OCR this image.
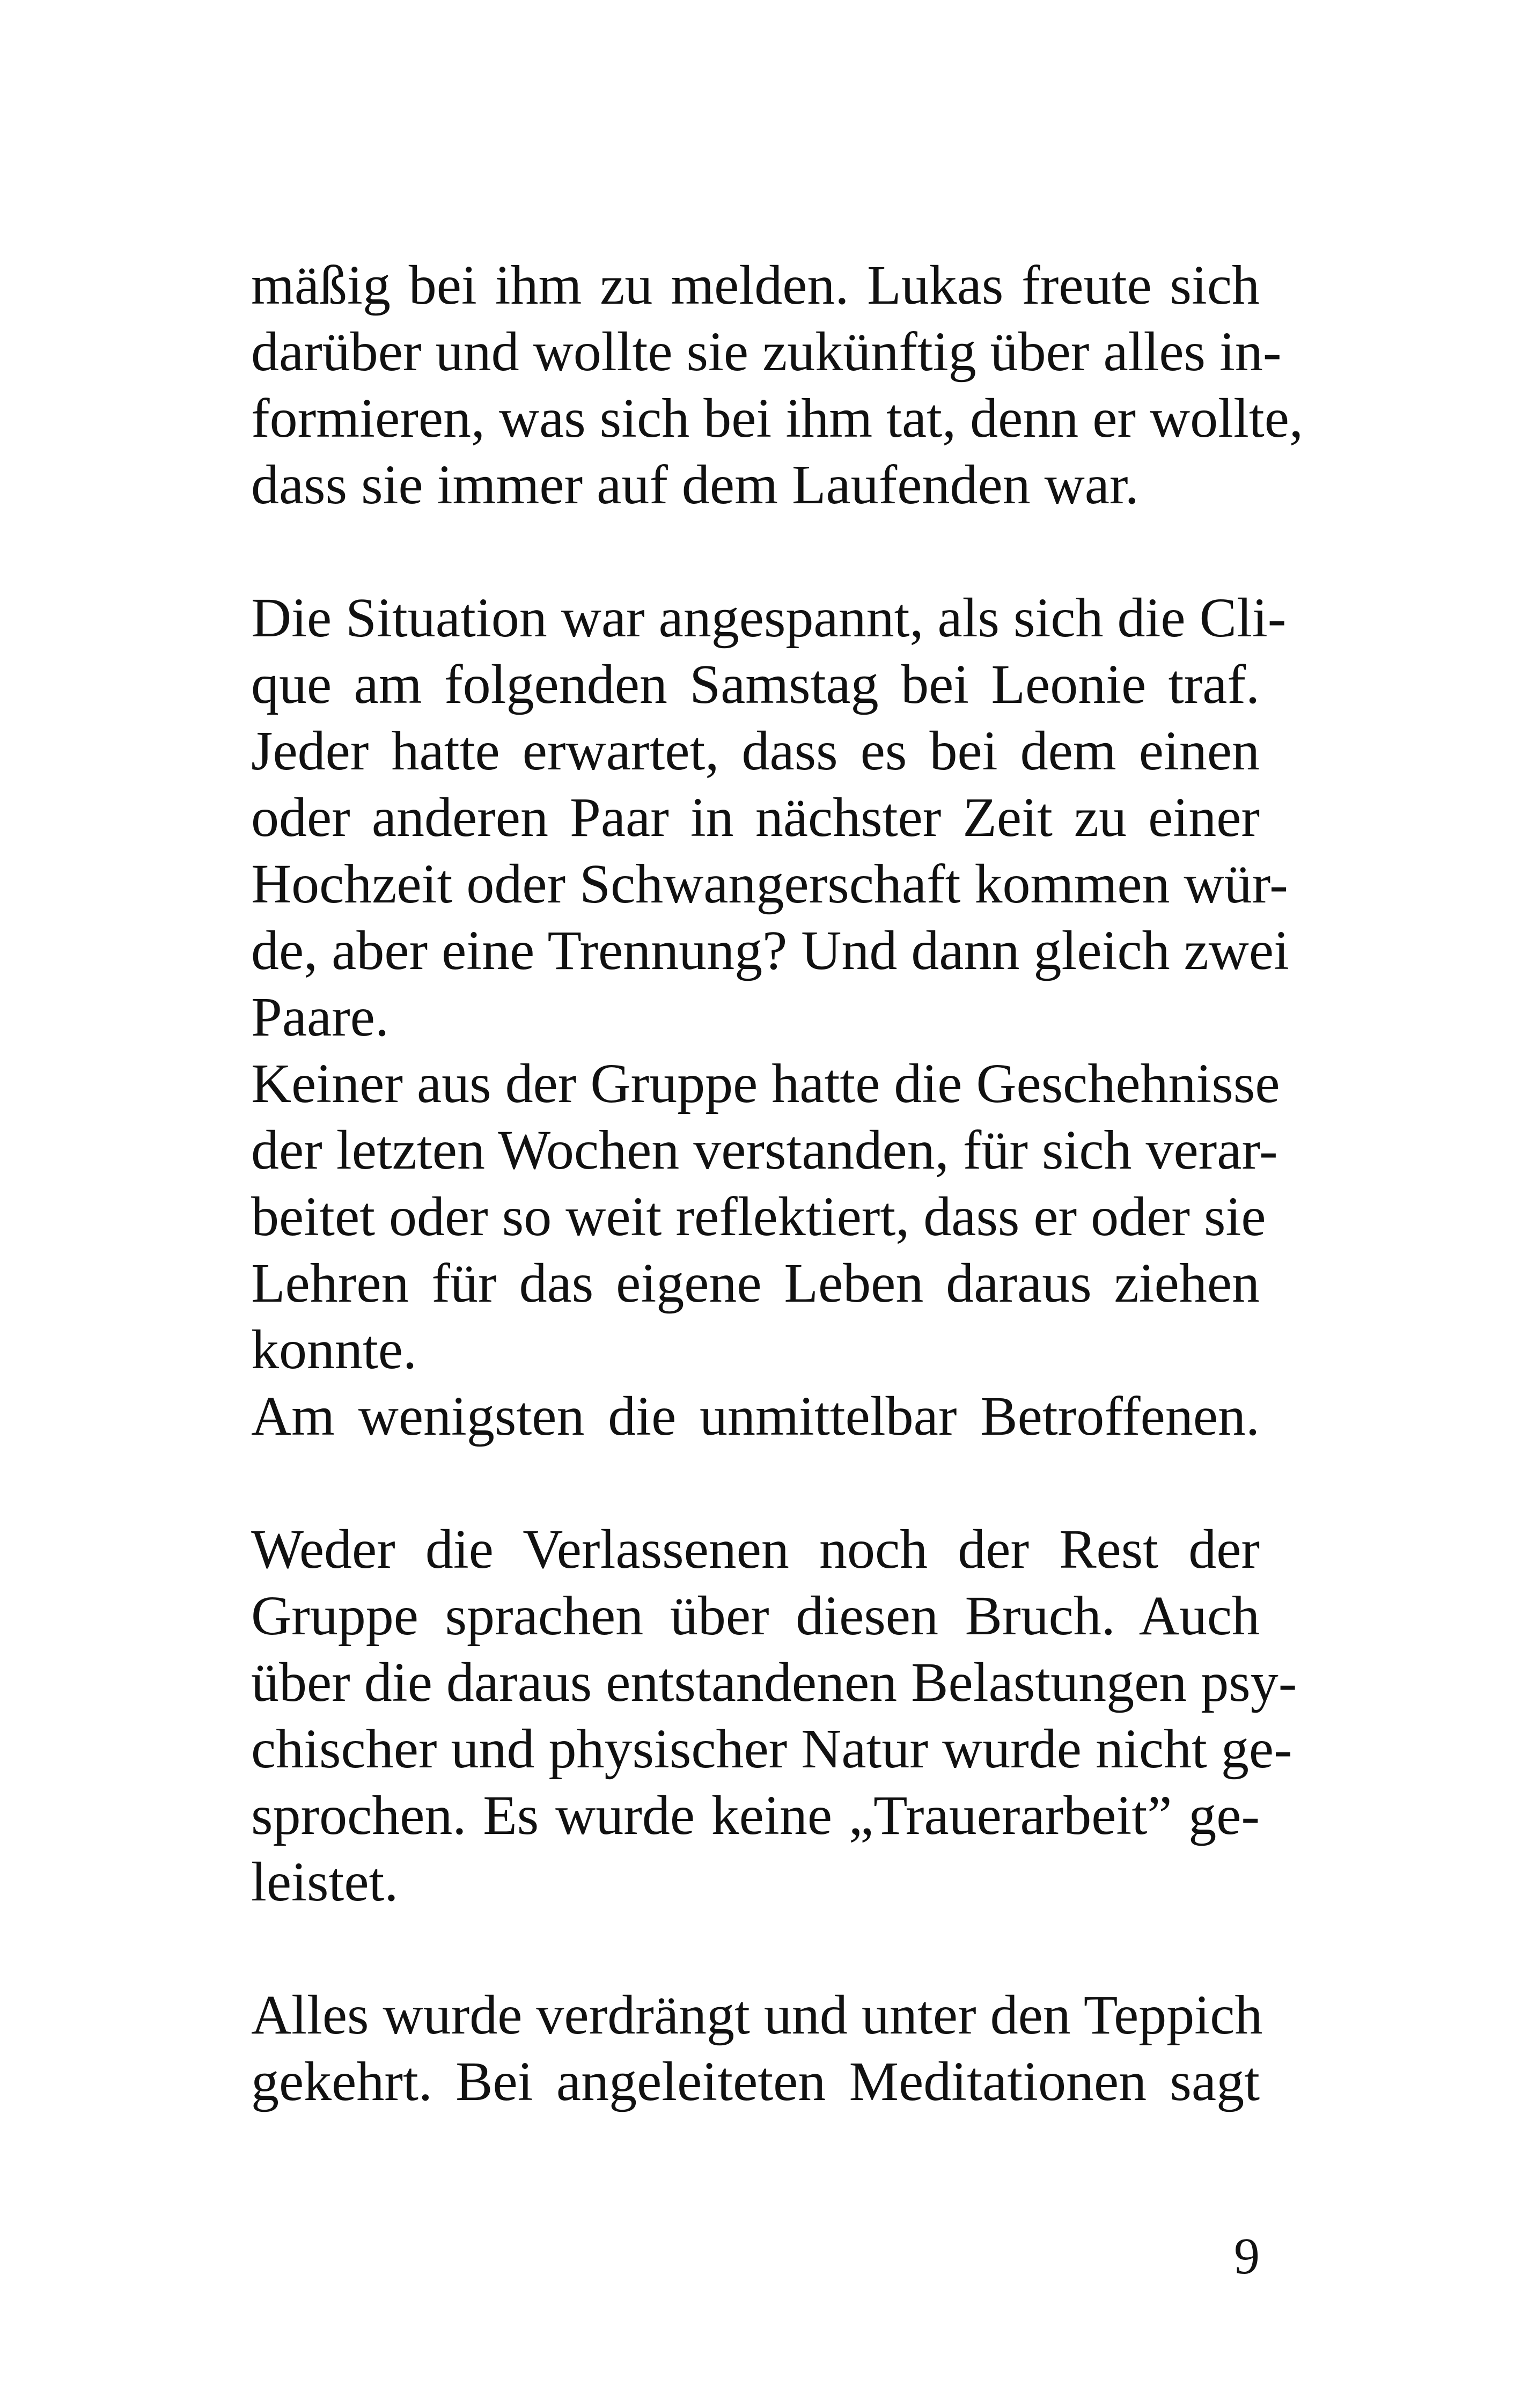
mäßig bei ihm zu melden. Lukas freute sich
darüber und wollte sie zukünftig über alles in-
formieren, was sich bei ihm tat, denn er wollte,
dass sie immer auf dem Laufenden war.
Die Situation war angespannt, als sich die Cli-
que am folgenden Samstag bei Leonie traf.
Jeder hatte erwartet, dass es bei dem einen
oder anderen Paar in nächster Zeit zu einer
Hochzeit oder Schwangerschaft kommen wür-
de, aber eine Trennung? Und dann gleich zwei
Paare.
Keiner aus der Gruppe hatte die Geschehnisse
der letzten Wochen verstanden, für sich verar-
beitet oder so weit reflektiert, dass er oder sie
Lehren für das eigene Leben daraus ziehen
konnte.
Am wenigsten die unmittelbar Betroffenen.
Weder die Verlassenen noch der Rest der
Gruppe sprachen über diesen Bruch. Auch
über die daraus entstandenen Belastungen psy-
chischer und physischer Natur wurde nicht ge-
sprochen. Es wurde keine „Trauerarbeit” ge-
leistet.
Alles wurde verdrängt und unter den Teppich
gekehrt. Bei angeleiteten Meditationen sagt
9
